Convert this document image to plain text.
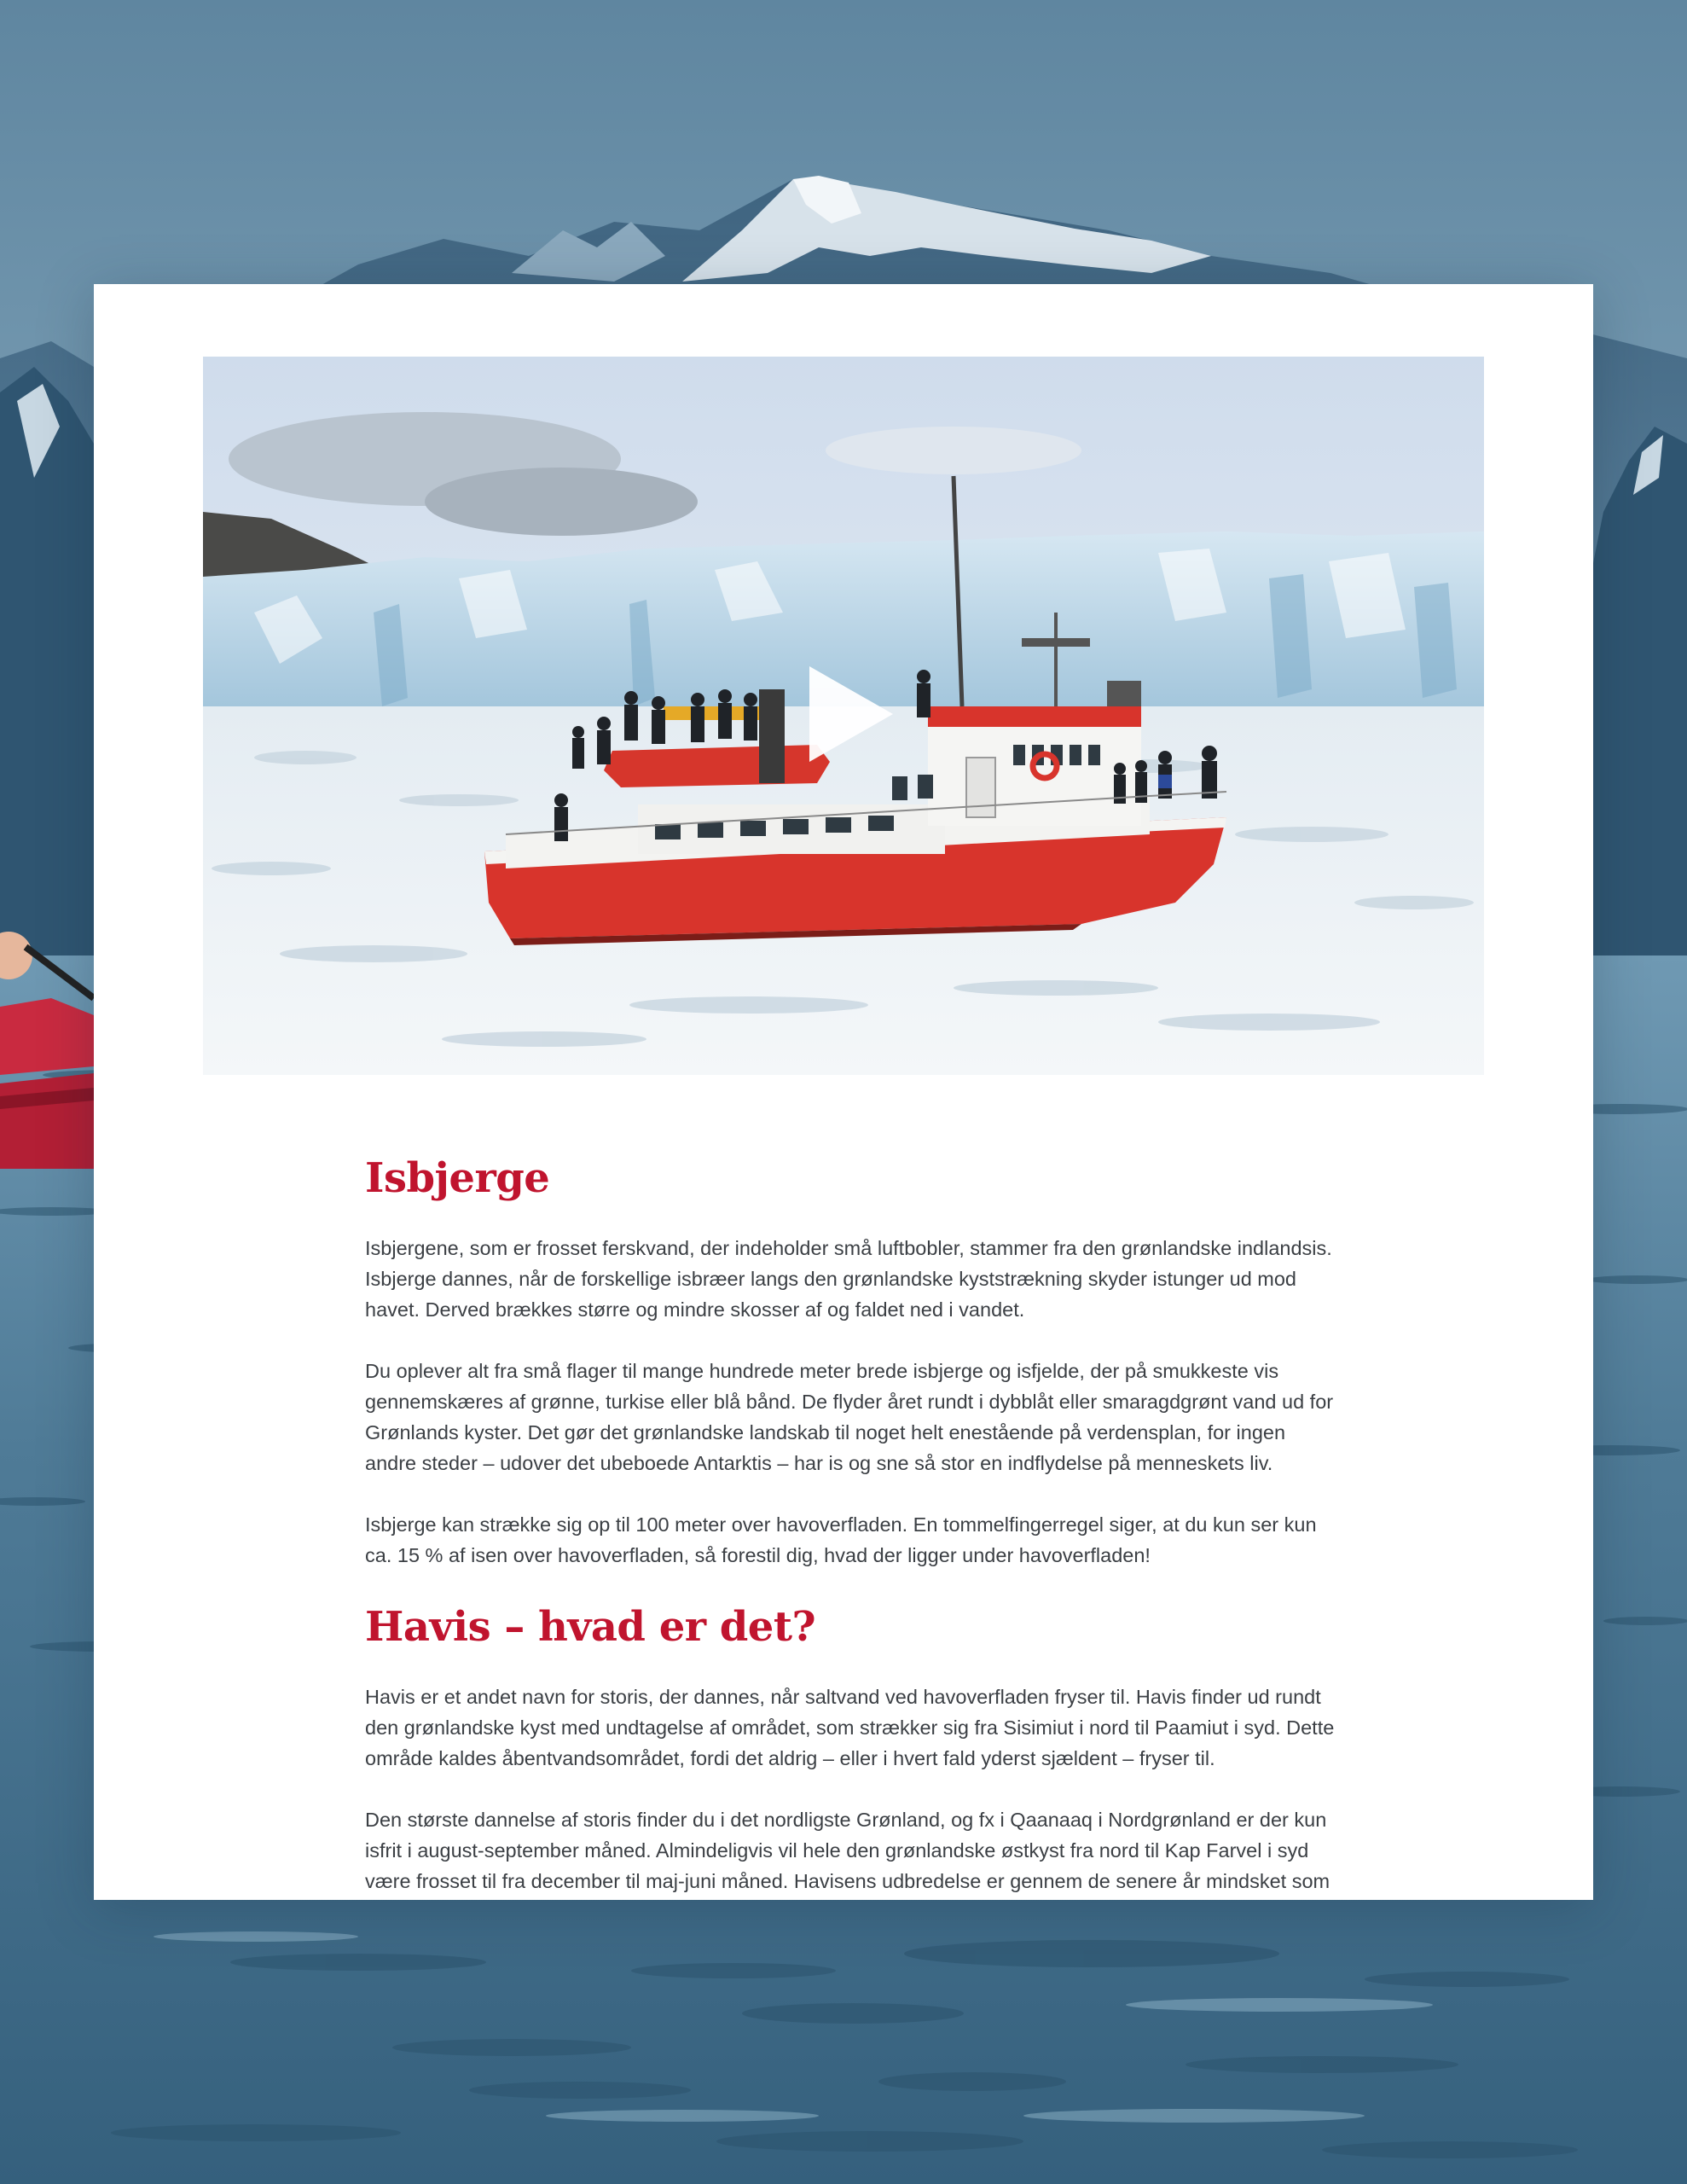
Isbjerge

Isbjergene, som er frosset ferskvand, der indeholder små luftbobler, stammer fra den grønlandske indlandsis. Isbjerge dannes, når de forskellige isbræer langs den grønlandske kyststrækning skyder istunger ud mod havet. Derved brækkes større og mindre skosser af og faldet ned i vandet.

Du oplever alt fra små flager til mange hundrede meter brede isbjerge og isfjelde, der på smukkeste vis gennemskæres af grønne, turkise eller blå bånd. De flyder året rundt i dybblåt eller smaragdgrønt vand ud for Grønlands kyster. Det gør det grønlandske landskab til noget helt enestående på verdensplan, for ingen andre steder – udover det ubeboede Antarktis – har is og sne så stor en indflydelse på menneskets liv.

Isbjerge kan strække sig op til 100 meter over havoverfladen. En tommelfingerregel siger, at du kun ser kun ca. 15 % af isen over havoverfladen, så forestil dig, hvad der ligger under havoverfladen!

Havis – hvad er det?

Havis er et andet navn for storis, der dannes, når saltvand ved havoverfladen fryser til. Havis finder ud rundt den grønlandske kyst med undtagelse af området, som strækker sig fra Sisimiut i nord til Paamiut i syd. Dette område kaldes åbentvandsområdet, fordi det aldrig – eller i hvert fald yderst sjældent – fryser til.

Den største dannelse af storis finder du i det nordligste Grønland, og fx i Qaanaaq i Nordgrønland er der kun isfrit i august-september måned. Almindeligvis vil hele den grønlandske østkyst fra nord til Kap Farvel i syd være frosset til fra december til maj-juni måned. Havisens udbredelse er gennem de senere år mindsket som
